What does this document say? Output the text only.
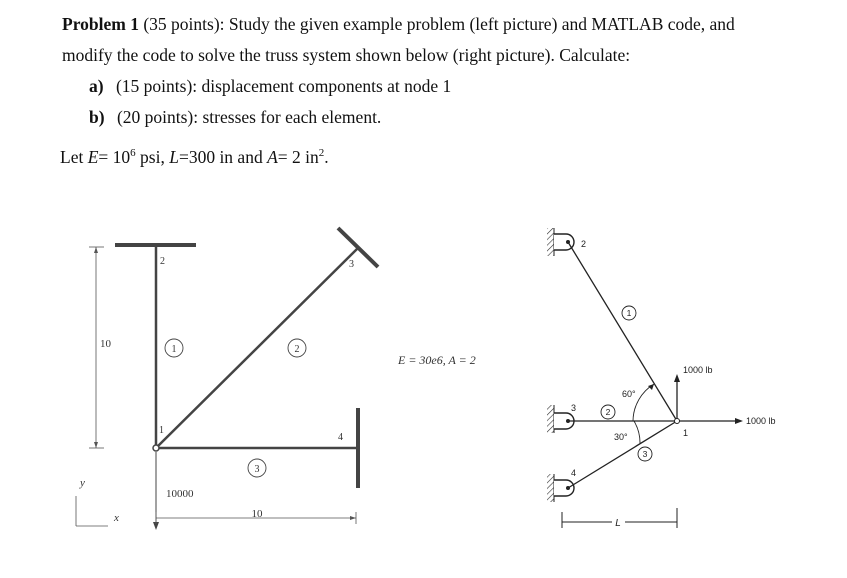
Problem 1 (35 points): Study the given example problem (left picture) and MATLAB code, and
modify the code to solve the truss system shown below (right picture). Calculate:
a) (15 points): displacement components at node 1
b) (20 points): stresses for each element.
Let $E= 10^6$ psi, L=300 in and A= 2 $in^2$.
10
1
2	3
4
1	2
3
10000
10
y
x
E = 30e6, A = 2
2
3
4
1
1
2
3
60°
30°
1000 lb
1000 lb
L
